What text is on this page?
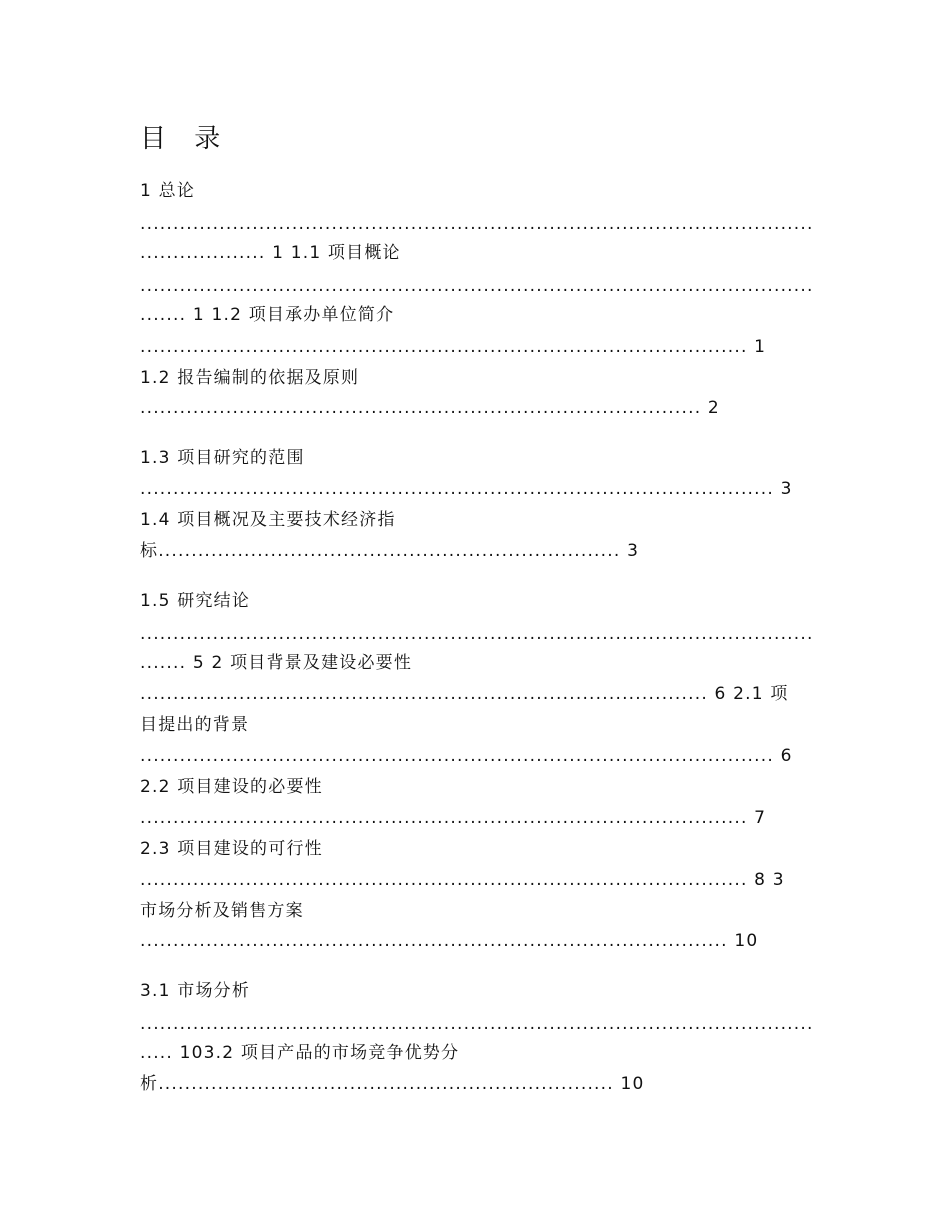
目 录
1 总论
......................................................................................................
................... 1 1.1 项目概论
......................................................................................................
....... 1 1.2 项目承办单位简介
............................................................................................ 1
1.2 报告编制的依据及原则
..................................................................................... 2
1.3 项目研究的范围
................................................................................................ 3
1.4 项目概况及主要技术经济指
标...................................................................... 3
1.5 研究结论
......................................................................................................
....... 5 2 项目背景及建设必要性
...................................................................................... 6 2.1 项
目提出的背景
................................................................................................ 6
2.2 项目建设的必要性
............................................................................................ 7
2.3 项目建设的可行性
............................................................................................ 8 3
市场分析及销售方案
......................................................................................... 10
3.1 市场分析
......................................................................................................
..... 103.2 项目产品的市场竞争优势分
析..................................................................... 10
